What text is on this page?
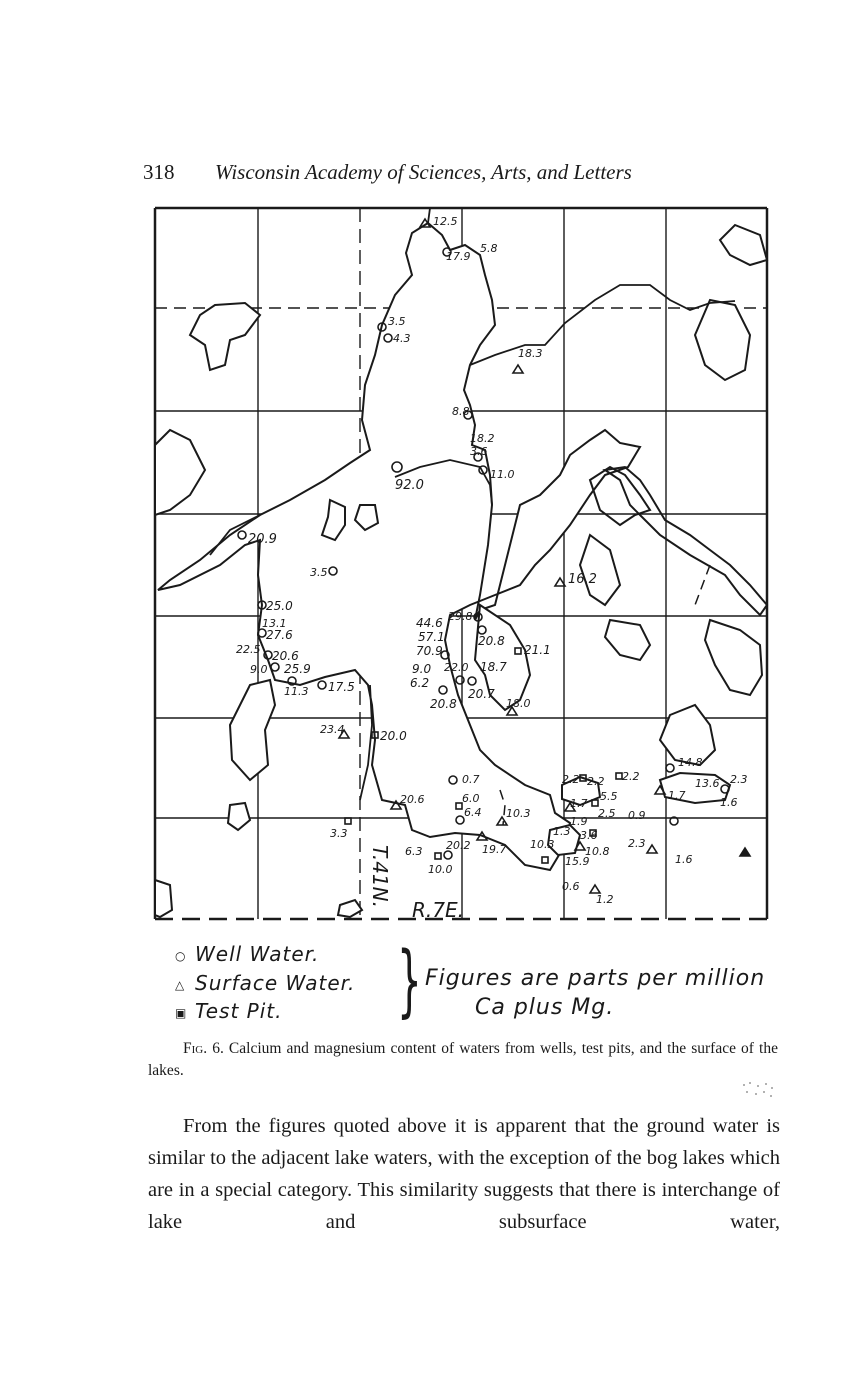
318 Wisconsin Academy of Sciences, Arts, and Letters
12.5
5.8
17.9
3.5
4.3
18.3
8.8
18.2
3.6
11.0
92.0
20.9
3.5	16.2
25.0
13.1
27.6
22.5 20.6
9.0 25.9
11.3 17.5
44.6 29.8
57.1	20.8
21.1
70.9
9.0 22.0 18.7
6.2
20.7
20.8	18.0
23.4	20.0
0.7
14.8
2.2 2.2 2.2
13.6 2.3
6.0
20.6	5.5	1.7
1.6
6.4 10.3
1.7
2.5 0.9
1.9
3.3	1.3 3.6
2.3
6.3 20.2 19.7 10.3
10.8
1.6
10.0
15.9
0.6
1.2
T.41N.
R.7E.
○ Well Water.
△ Surface Water.
▣ Test Pit. } Figures are parts per million
Ca plus Mg.
Fig. 6. Calcium and magnesium content of waters from wells, test pits, and the surface of the lakes.
From the figures quoted above it is apparent that the ground water is similar to the adjacent lake waters, with the exception of the bog lakes which are in a special category. This similarity suggests that there is interchange of lake and subsurface water,
